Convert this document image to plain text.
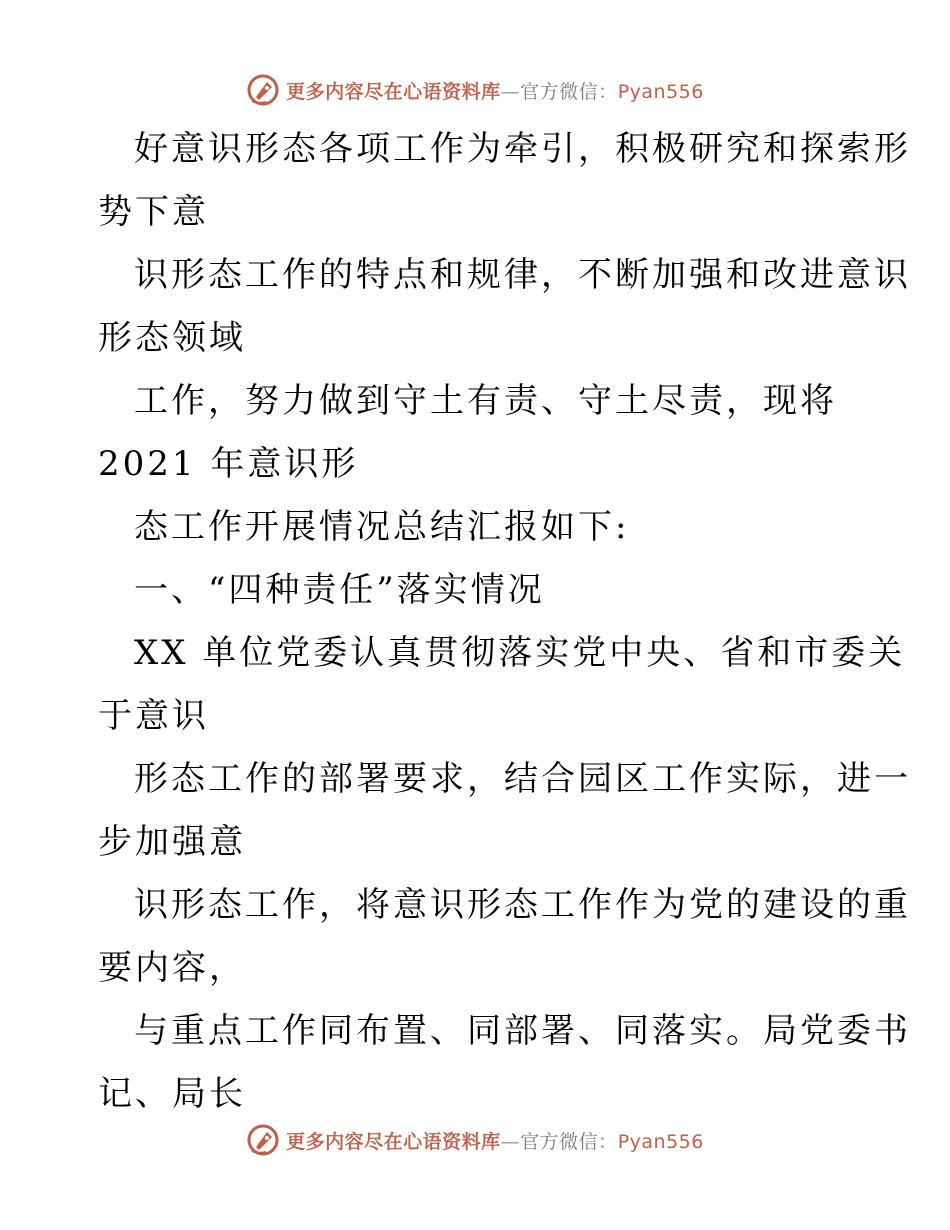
更多内容尽在心语资料库—官方微信：Pyan556
好意识形态各项工作为牵引，积极研究和探索形
势下意
识形态工作的特点和规律，不断加强和改进意识
形态领域
工作，努力做到守土有责、守土尽责，现将
2021 年意识形
态工作开展情况总结汇报如下:
一、“四种责任”落实情况
XX 单位党委认真贯彻落实党中央、省和市委关
于意识
形态工作的部署要求，结合园区工作实际，进一
步加强意
识形态工作，将意识形态工作作为党的建设的重
要内容，
与重点工作同布置、同部署、同落实。局党委书
记、局长
更多内容尽在心语资料库—官方微信：Pyan556
